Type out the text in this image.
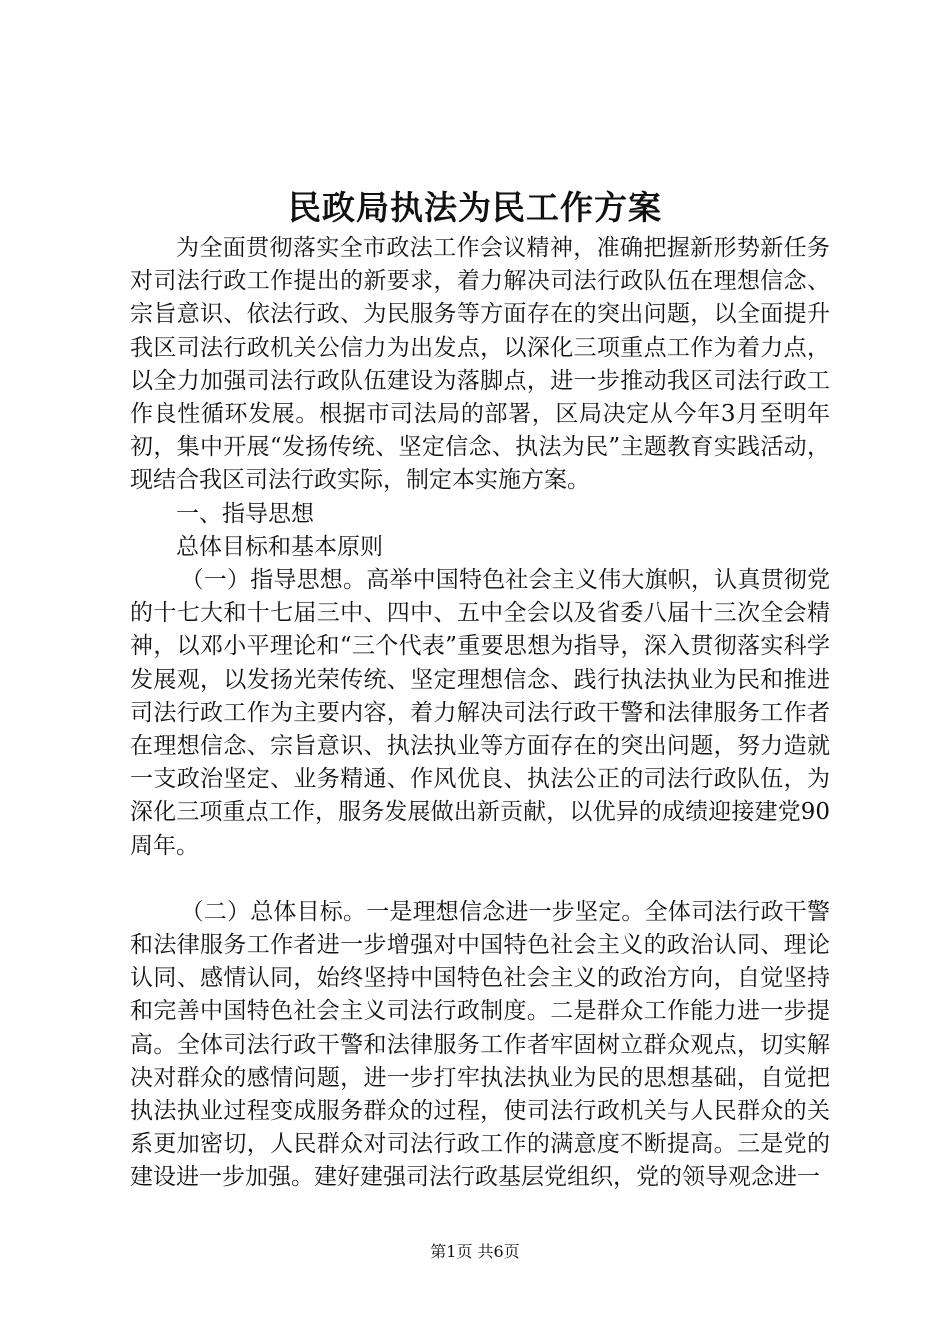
民政局执法为民工作方案

为全面贯彻落实全市政法工作会议精神，准确把握新形势新任务对司法行政工作提出的新要求，着力解决司法行政队伍在理想信念、宗旨意识、依法行政、为民服务等方面存在的突出问题，以全面提升我区司法行政机关公信力为出发点，以深化三项重点工作为着力点，以全力加强司法行政队伍建设为落脚点，进一步推动我区司法行政工作良性循环发展。根据市司法局的部署，区局决定从今年3月至明年初，集中开展“发扬传统、坚定信念、执法为民”主题教育实践活动，现结合我区司法行政实际，制定本实施方案。

一、指导思想

总体目标和基本原则

（一）指导思想。高举中国特色社会主义伟大旗帜，认真贯彻党的十七大和十七届三中、四中、五中全会以及省委八届十三次全会精神，以邓小平理论和“三个代表”重要思想为指导，深入贯彻落实科学发展观，以发扬光荣传统、坚定理想信念、践行执法执业为民和推进司法行政工作为主要内容，着力解决司法行政干警和法律服务工作者在理想信念、宗旨意识、执法执业等方面存在的突出问题，努力造就一支政治坚定、业务精通、作风优良、执法公正的司法行政队伍，为深化三项重点工作，服务发展做出新贡献，以优异的成绩迎接建党90周年。

（二）总体目标。一是理想信念进一步坚定。全体司法行政干警和法律服务工作者进一步增强对中国特色社会主义的政治认同、理论认同、感情认同，始终坚持中国特色社会主义的政治方向，自觉坚持和完善中国特色社会主义司法行政制度。二是群众工作能力进一步提高。全体司法行政干警和法律服务工作者牢固树立群众观点，切实解决对群众的感情问题，进一步打牢执法执业为民的思想基础，自觉把执法执业过程变成服务群众的过程，使司法行政机关与人民群众的关系更加密切，人民群众对司法行政工作的满意度不断提高。三是党的建设进一步加强。建好建强司法行政基层党组织，党的领导观念进一

第1页 共6页
